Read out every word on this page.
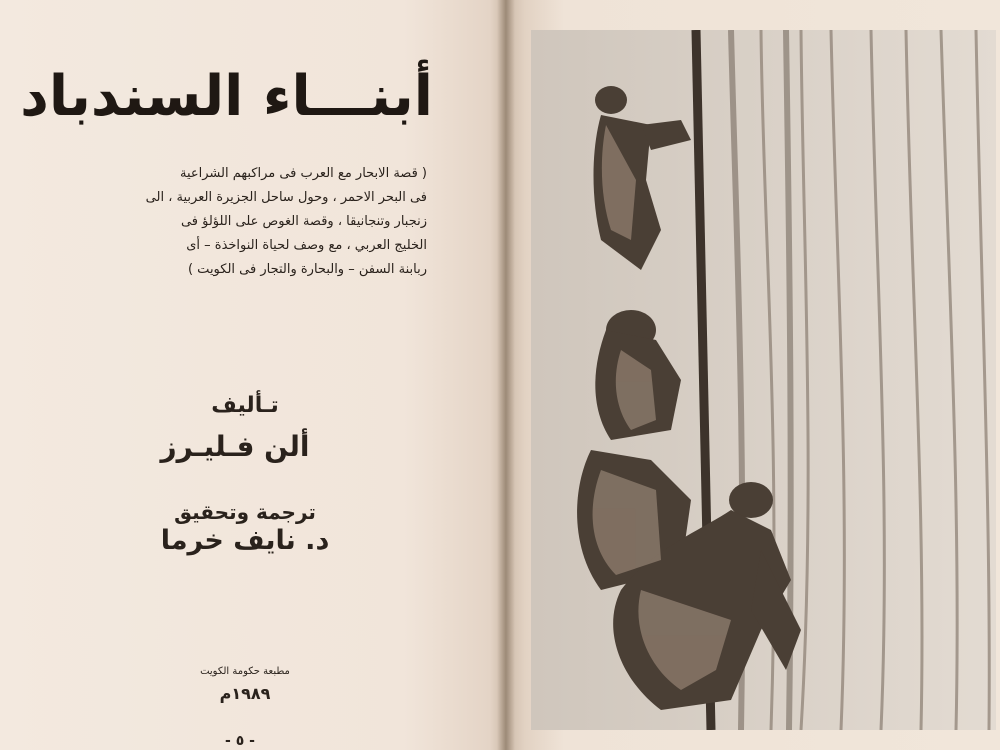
أبنـــاء السندباد

( قصة الابحار مع العرب فى مراكبهم الشراعية

فى البحر الاحمر ، وحول ساحل الجزيرة العربية ، الى

زنجبار وتنجانيقا ، وقصة الغوص على اللؤلؤ فى

الخليج العربي ، مع وصف لحياة النواخذة – أى

ربابنة السفن – والبحارة والتجار فى الكويت )

تـأليف
ألن فـليـرز
ترجمة وتحقيق
د. نايف خرما
مطبعة حكومة الكويت
١٩٨٩م
- ٥ -
